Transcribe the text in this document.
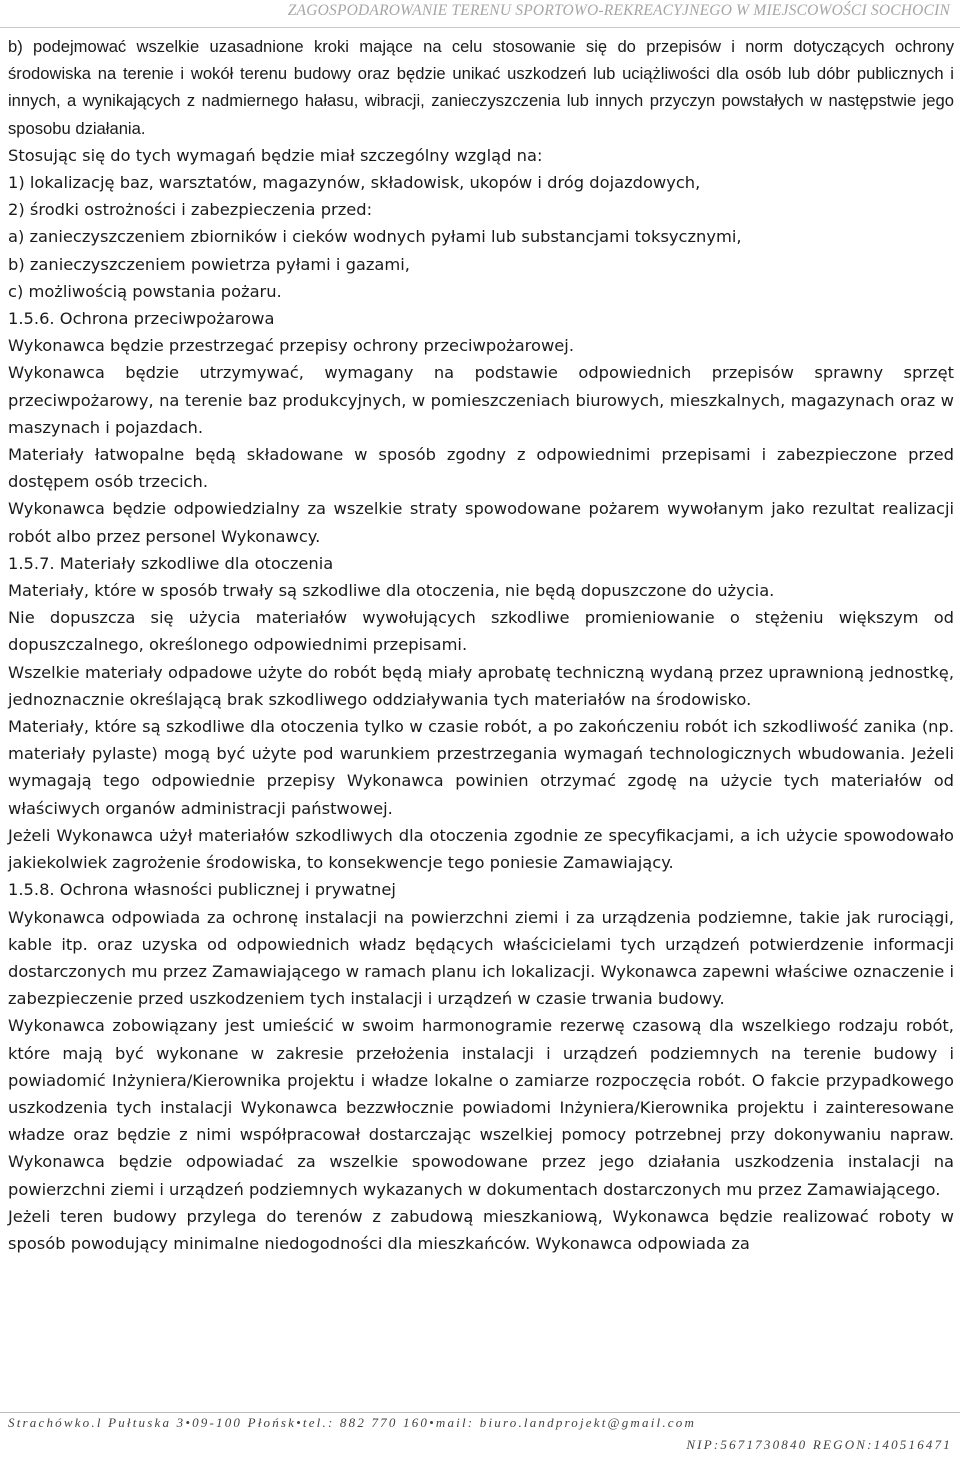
ZAGOSPODAROWANIE TERENU SPORTOWO-REKREACYJNEGO W MIEJSCOWOŚCI SOCHOCIN

b) podejmować wszelkie uzasadnione kroki mające na celu stosowanie się do przepisów i norm dotyczących ochrony środowiska na terenie i wokół terenu budowy oraz będzie unikać uszkodzeń lub uciążliwości dla osób lub dóbr publicznych i innych, a wynikających z nadmiernego hałasu, wibracji, zanieczyszczenia lub innych przyczyn powstałych w następstwie jego sposobu działania.

Stosując się do tych wymagań będzie miał szczególny wzgląd na:

1) lokalizację baz, warsztatów, magazynów, składowisk, ukopów i dróg dojazdowych,

2) środki ostrożności i zabezpieczenia przed:

a) zanieczyszczeniem zbiorników i cieków wodnych pyłami lub substancjami toksycznymi,

b) zanieczyszczeniem powietrza pyłami i gazami,

c) możliwością powstania pożaru.

1.5.6. Ochrona przeciwpożarowa

Wykonawca będzie przestrzegać przepisy ochrony przeciwpożarowej.

Wykonawca będzie utrzymywać, wymagany na podstawie odpowiednich przepisów sprawny sprzęt przeciwpożarowy, na terenie baz produkcyjnych, w pomieszczeniach biurowych, mieszkalnych, magazynach oraz w maszynach i pojazdach.

Materiały łatwopalne będą składowane w sposób zgodny z odpowiednimi przepisami i zabezpieczone przed dostępem osób trzecich.

Wykonawca będzie odpowiedzialny za wszelkie straty spowodowane pożarem wywołanym jako rezultat realizacji robót albo przez personel Wykonawcy.

1.5.7. Materiały szkodliwe dla otoczenia

Materiały, które w sposób trwały są szkodliwe dla otoczenia, nie będą dopuszczone do użycia.

Nie dopuszcza się użycia materiałów wywołujących szkodliwe promieniowanie o stężeniu większym od dopuszczalnego, określonego odpowiednimi przepisami.

Wszelkie materiały odpadowe użyte do robót będą miały aprobatę techniczną wydaną przez uprawnioną jednostkę, jednoznacznie określającą brak szkodliwego oddziaływania tych materiałów na środowisko.

Materiały, które są szkodliwe dla otoczenia tylko w czasie robót, a po zakończeniu robót ich szkodliwość zanika (np. materiały pylaste) mogą być użyte pod warunkiem przestrzegania wymagań technologicznych wbudowania. Jeżeli wymagają tego odpowiednie przepisy Wykonawca powinien otrzymać zgodę na użycie tych materiałów od właściwych organów administracji państwowej.

Jeżeli Wykonawca użył materiałów szkodliwych dla otoczenia zgodnie ze specyfikacjami, a ich użycie spowodowało jakiekolwiek zagrożenie środowiska, to konsekwencje tego poniesie Zamawiający.

1.5.8. Ochrona własności publicznej i prywatnej

Wykonawca odpowiada za ochronę instalacji na powierzchni ziemi i za urządzenia podziemne, takie jak rurociągi, kable itp. oraz uzyska od odpowiednich władz będących właścicielami tych urządzeń potwierdzenie informacji dostarczonych mu przez Zamawiającego w ramach planu ich lokalizacji. Wykonawca zapewni właściwe oznaczenie i zabezpieczenie przed uszkodzeniem tych instalacji i urządzeń w czasie trwania budowy.

Wykonawca zobowiązany jest umieścić w swoim harmonogramie rezerwę czasową dla wszelkiego rodzaju robót, które mają być wykonane w zakresie przełożenia instalacji i urządzeń podziemnych na terenie budowy i powiadomić Inżyniera/Kierownika projektu i władze lokalne o zamiarze rozpoczęcia robót. O fakcie przypadkowego uszkodzenia tych instalacji Wykonawca bezzwłocznie powiadomi Inżyniera/Kierownika projektu i zainteresowane władze oraz będzie z nimi współpracował dostarczając wszelkiej pomocy potrzebnej przy dokonywaniu napraw. Wykonawca będzie odpowiadać za wszelkie spowodowane przez jego działania uszkodzenia instalacji na powierzchni ziemi i urządzeń podziemnych wykazanych w dokumentach dostarczonych mu przez Zamawiającego.

Jeżeli teren budowy przylega do terenów z zabudową mieszkaniową, Wykonawca będzie realizować roboty w sposób powodujący minimalne niedogodności dla mieszkańców. Wykonawca odpowiada za

Strachówko.l Pułtuska 3•09-100 Płońsk•tel.: 882 770 160•mail: biuro.landprojekt@gmail.com
NIP:5671730840 REGON:140516471
